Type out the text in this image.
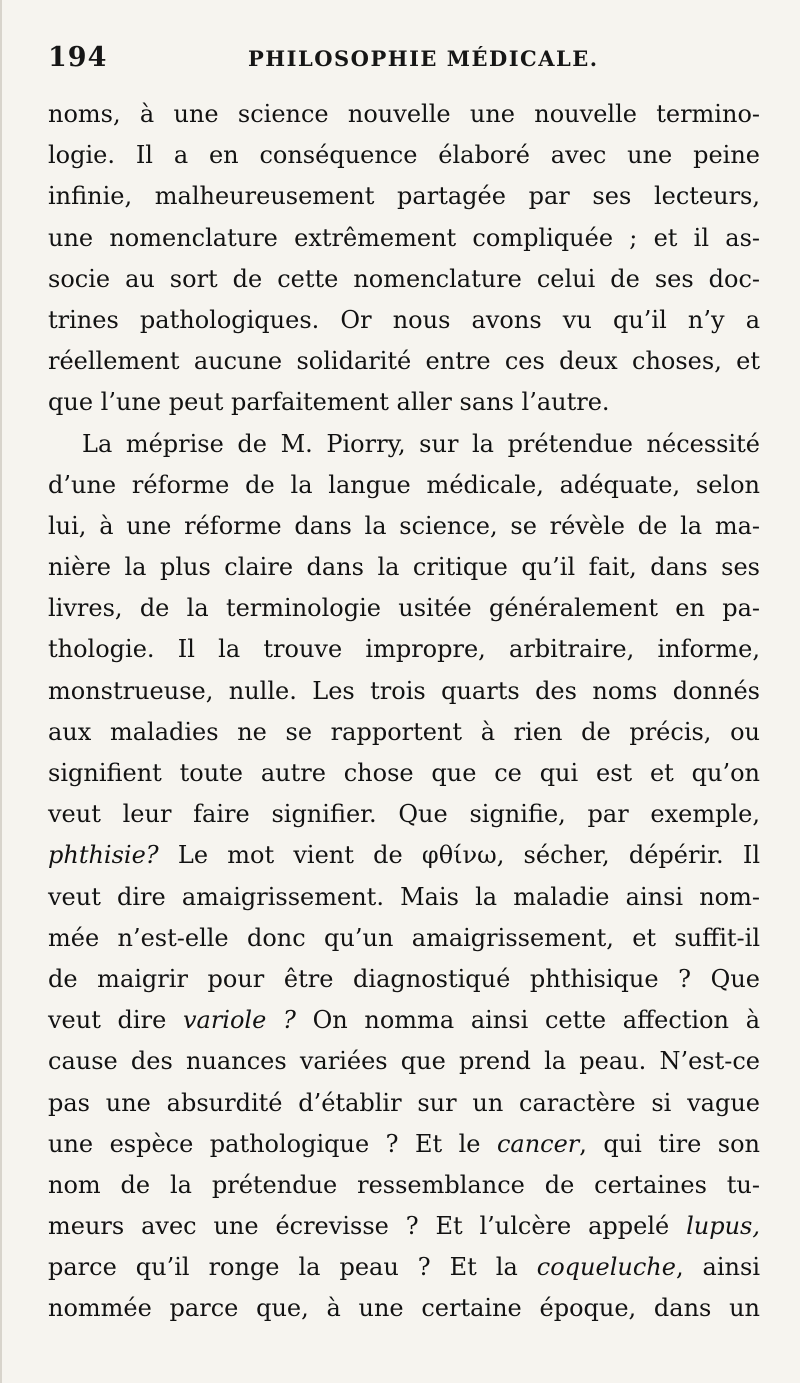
194	PHILOSOPHIE MÉDICALE.
noms, à une science nouvelle une nouvelle termino-
logie. Il a en conséquence élaboré avec une peine
infinie, malheureusement partagée par ses lecteurs,
une nomenclature extrêmement compliquée ; et il as-
socie au sort de cette nomenclature celui de ses doc-
trines pathologiques. Or nous avons vu qu’il n’y a
réellement aucune solidarité entre ces deux choses, et
que l’une peut parfaitement aller sans l’autre.
La méprise de M. Piorry, sur la prétendue nécessité
d’une réforme de la langue médicale, adéquate, selon
lui, à une réforme dans la science, se révèle de la ma-
nière la plus claire dans la critique qu’il fait, dans ses
livres, de la terminologie usitée généralement en pa-
thologie. Il la trouve impropre, arbitraire, informe,
monstrueuse, nulle. Les trois quarts des noms donnés
aux maladies ne se rapportent à rien de précis, ou
signifient toute autre chose que ce qui est et qu’on
veut leur faire signifier. Que signifie, par exemple,
phthisie? Le mot vient de φθίνω, sécher, dépérir. Il
veut dire amaigrissement. Mais la maladie ainsi nom-
mée n’est-elle donc qu’un amaigrissement, et suffit-il
de maigrir pour être diagnostiqué phthisique ? Que
veut dire variole ? On nomma ainsi cette affection à
cause des nuances variées que prend la peau. N’est-ce
pas une absurdité d’établir sur un caractère si vague
une espèce pathologique ? Et le cancer, qui tire son
nom de la prétendue ressemblance de certaines tu-
meurs avec une écrevisse ? Et l’ulcère appelé lupus,
parce qu’il ronge la peau ? Et la coqueluche, ainsi
nommée parce que, à une certaine époque, dans un
